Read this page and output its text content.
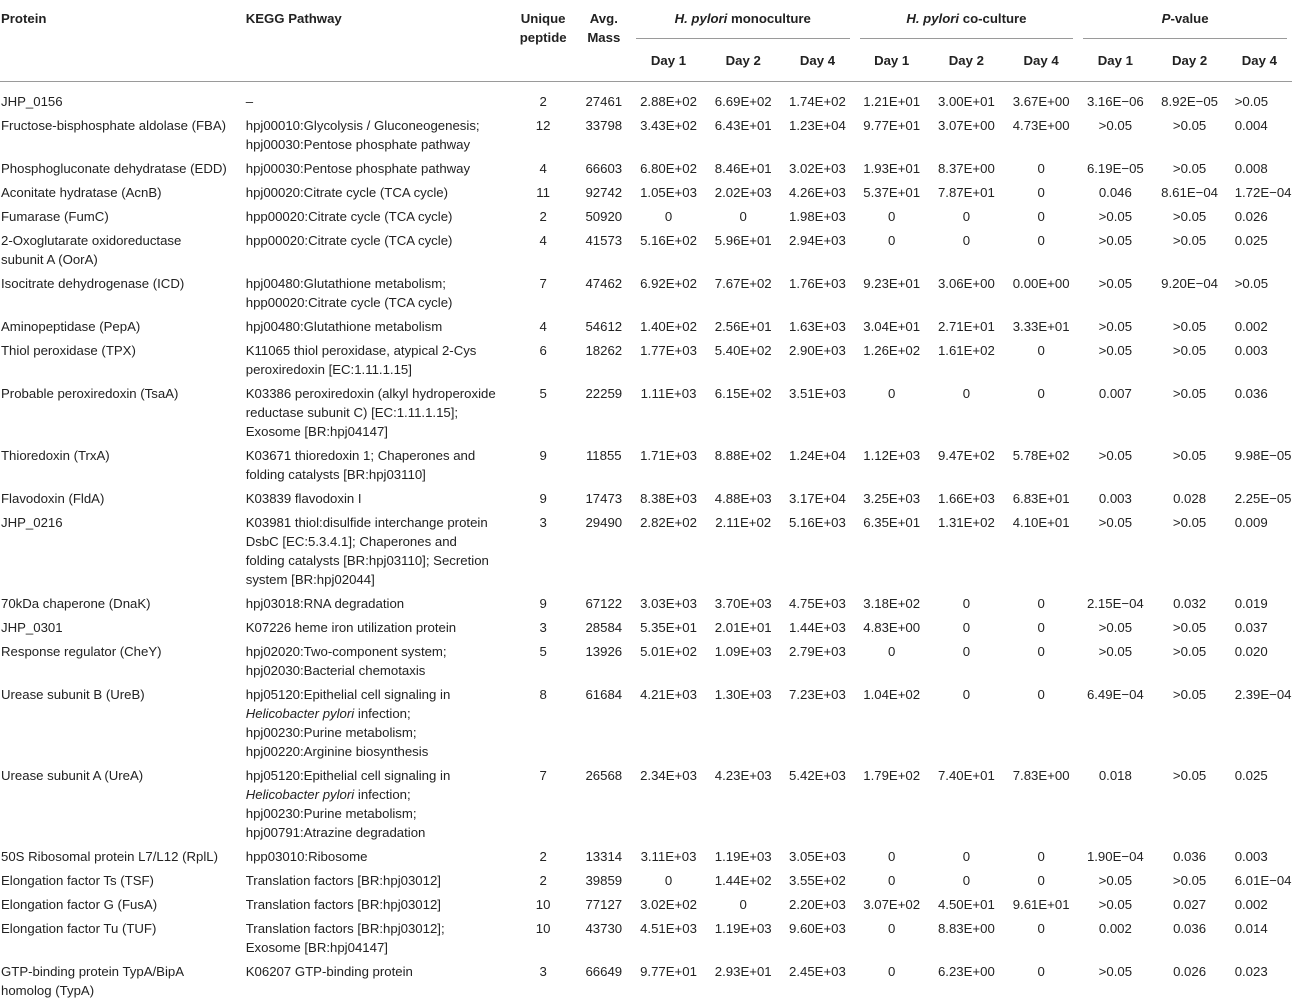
Protein	KEGG Pathway	Unique peptide	Avg. Mass	H. pylori monoculture			H. pylori co-culture			P-value		

				Day 1	Day 2	Day 4	Day 1	Day 2	Day 4	Day 1	Day 2	Day 4
JHP_0156	–	2	27461	2.88E+02	6.69E+02	1.74E+02	1.21E+01	3.00E+01	3.67E+00	3.16E−06	8.92E−05	>0.05
Fructose-bisphosphate aldolase (FBA)	hpj00010:Glycolysis / Gluconeogenesis;
hpj00030:Pentose phosphate pathway	12	33798	3.43E+02	6.43E+01	1.23E+04	9.77E+01	3.07E+00	4.73E+00	>0.05	>0.05	0.004
Phosphogluconate dehydratase (EDD)	hpj00030:Pentose phosphate pathway	4	66603	6.80E+02	8.46E+01	3.02E+03	1.93E+01	8.37E+00	0	6.19E−05	>0.05	0.008
Aconitate hydratase (AcnB)	hpj00020:Citrate cycle (TCA cycle)	11	92742	1.05E+03	2.02E+03	4.26E+03	5.37E+01	7.87E+01	0	0.046	8.61E−04	1.72E−04
Fumarase (FumC)	hpp00020:Citrate cycle (TCA cycle)	2	50920	0	0	1.98E+03	0	0	0	>0.05	>0.05	0.026

2-Oxoglutarate oxidoreductase
subunit A (OorA)	hpp00020:Citrate cycle (TCA cycle)	4	41573	5.16E+02	5.96E+01	2.94E+03	0	0	0	>0.05	>0.05	0.025
Isocitrate dehydrogenase (ICD)	hpj00480:Glutathione metabolism;
hpp00020:Citrate cycle (TCA cycle)	7	47462	6.92E+02	7.67E+02	1.76E+03	9.23E+01	3.06E+00	0.00E+00	>0.05	9.20E−04	>0.05
Aminopeptidase (PepA)	hpj00480:Glutathione metabolism	4	54612	1.40E+02	2.56E+01	1.63E+03	3.04E+01	2.71E+01	3.33E+01	>0.05	>0.05	0.002
Thiol peroxidase (TPX)	K11065 thiol peroxidase, atypical 2-Cys
peroxiredoxin [EC:1.11.1.15]	6	18262	1.77E+03	5.40E+02	2.90E+03	1.26E+02	1.61E+02	0	>0.05	>0.05	0.003
Probable peroxiredoxin (TsaA)	K03386 peroxiredoxin (alkyl hydroperoxide
reductase subunit C) [EC:1.11.1.15];
Exosome [BR:hpj04147]	5	22259	1.11E+03	6.15E+02	3.51E+03	0	0	0	0.007	>0.05	0.036
Thioredoxin (TrxA)	K03671 thioredoxin 1; Chaperones and
folding catalysts [BR:hpj03110]	9	11855	1.71E+03	8.88E+02	1.24E+04	1.12E+03	9.47E+02	5.78E+02	>0.05	>0.05	9.98E−05
Flavodoxin (FldA)	K03839 flavodoxin I	9	17473	8.38E+03	4.88E+03	3.17E+04	3.25E+03	1.66E+03	6.83E+01	0.003	0.028	2.25E−05
JHP_0216	K03981 thiol:disulfide interchange protein
DsbC [EC:5.3.4.1]; Chaperones and
folding catalysts [BR:hpj03110]; Secretion
system [BR:hpj02044]	3	29490	2.82E+02	2.11E+02	5.16E+03	6.35E+01	1.31E+02	4.10E+01	>0.05	>0.05	0.009
70kDa chaperone (DnaK)	hpj03018:RNA degradation	9	67122	3.03E+03	3.70E+03	4.75E+03	3.18E+02	0	0	2.15E−04	0.032	0.019
JHP_0301	K07226 heme iron utilization protein	3	28584	5.35E+01	2.01E+01	1.44E+03	4.83E+00	0	0	>0.05	>0.05	0.037
Response regulator (CheY)	hpj02020:Two-component system;
hpj02030:Bacterial chemotaxis	5	13926	5.01E+02	1.09E+03	2.79E+03	0	0	0	>0.05	>0.05	0.020
Urease subunit B (UreB)	hpj05120:Epithelial cell signaling in
Helicobacter pylori infection;
hpj00230:Purine metabolism;
hpj00220:Arginine biosynthesis	8	61684	4.21E+03	1.30E+03	7.23E+03	1.04E+02	0	0	6.49E−04	>0.05	2.39E−04
Urease subunit A (UreA)	hpj05120:Epithelial cell signaling in
Helicobacter pylori infection;
hpj00230:Purine metabolism;
hpj00791:Atrazine degradation	7	26568	2.34E+03	4.23E+03	5.42E+03	1.79E+02	7.40E+01	7.83E+00	0.018	>0.05	0.025
50S Ribosomal protein L7/L12 (RplL)	hpp03010:Ribosome	2	13314	3.11E+03	1.19E+03	3.05E+03	0	0	0	1.90E−04	0.036	0.003
Elongation factor Ts (TSF)	Translation factors [BR:hpj03012]	2	39859	0	1.44E+02	3.55E+02	0	0	0	>0.05	>0.05	6.01E−04
Elongation factor G (FusA)	Translation factors [BR:hpj03012]	10	77127	3.02E+02	0	2.20E+03	3.07E+02	4.50E+01	9.61E+01	>0.05	0.027	0.002
Elongation factor Tu (TUF)	Translation factors [BR:hpj03012];
Exosome [BR:hpj04147]	10	43730	4.51E+03	1.19E+03	9.60E+03	0	8.83E+00	0	0.002	0.036	0.014

GTP-binding protein TypA/BipA
homolog (TypA)	K06207 GTP-binding protein	3	66649	9.77E+01	2.93E+01	2.45E+03	0	6.23E+00	0	>0.05	0.026	0.023
